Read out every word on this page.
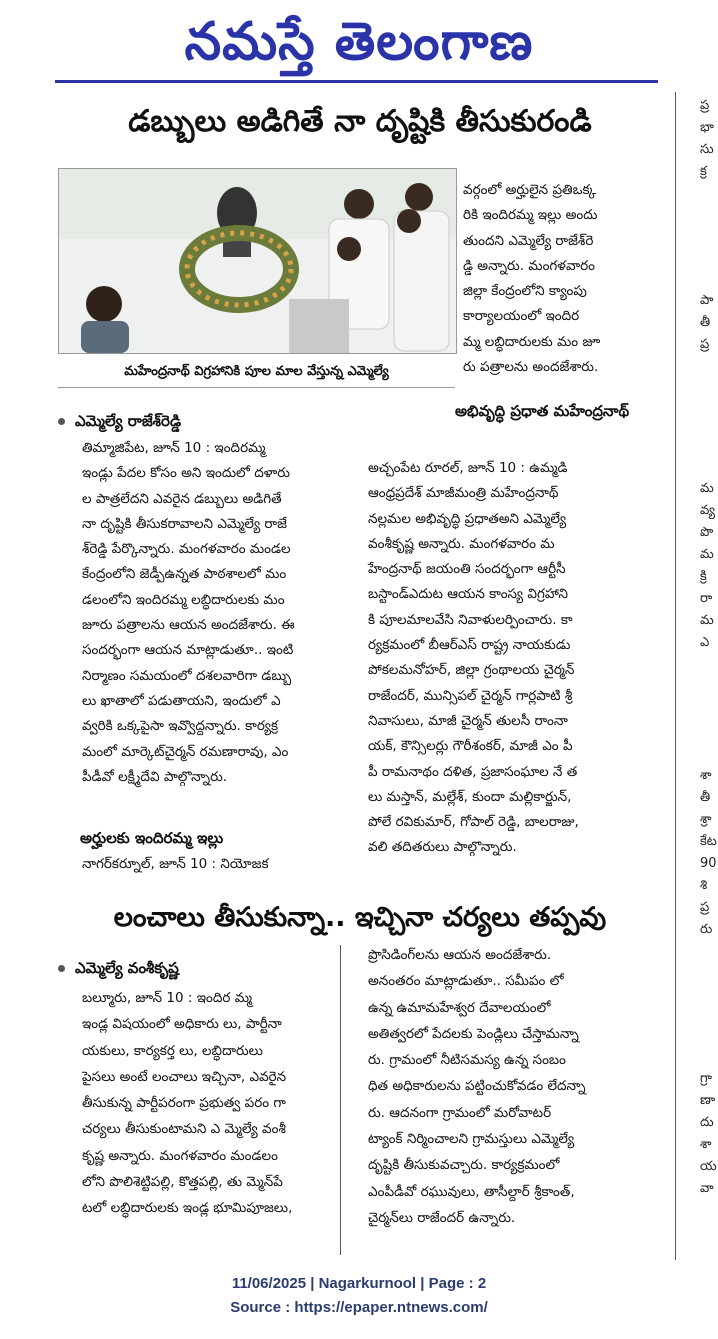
నమస్తే తెలంగాణ
డబ్బులు అడిగితే నా దృష్టికి తీసుకురండి
మహేంద్రనాథ్ విగ్రహానికి పూల మాల వేస్తున్న ఎమ్మెల్యే

వర్గంలో అర్హులైన ప్రతిఒక్క

రికి ఇందిరమ్మ ఇల్లు అందు

తుందని ఎమ్మెల్యే రాజేశ్‌రె

డ్డి అన్నారు. మంగళవారం

జిల్లా కేంద్రంలోని క్యాంపు

కార్యాలయంలో ఇందిర

మ్మ లబ్ధిదారులకు మం జూ

రు పత్రాలను అందజేశారు.

ఎమ్మెల్యే రాజేశ్‌రెడ్డి

తిమ్మాజిపేట, జూన్ 10 : ఇందిరమ్మ

ఇండ్లు పేదల కోసం అని ఇందులో దళారు

ల పాత్రలేదని ఎవరైన డబ్బులు అడిగితే

నా దృష్టికి తీసుకరావాలని ఎమ్మెల్యే రాజే

శ్‌రెడ్డి పేర్కొన్నారు. మంగళవారం మండల

కేంద్రంలోని జెడ్పీఉన్నత పాఠశాలలో మం

డలంలోని ఇందిరమ్మ లబ్ధిదారులకు మం

జూరు పత్రాలను ఆయన అందజేశారు. ఈ

సందర్భంగా ఆయన మాట్లాడుతూ.. ఇంటి

నిర్మాణం సమయంలో దశలవారిగా డబ్బు

లు ఖాతాలో పడుతాయని, ఇందులో ఎ

వ్వరికి ఒక్కపైసా ఇవ్వొద్దన్నారు. కార్యక్ర

మంలో మార్కెట్‌చైర్మన్ రమణారావు, ఎం

పీడీవో లక్ష్మీదేవి పాల్గొన్నారు.

అర్హులకు ఇందిరమ్మ ఇల్లు
నాగర్‌కర్నూల్, జూన్ 10 : నియోజక
అభివృద్ధి ప్రధాత మహేంద్రనాథ్

అచ్చంపేట రూరల్, జూన్ 10 : ఉమ్మడి

ఆంధ్రప్రదేశ్ మాజీమంత్రి మహేంద్రనాథ్

నల్లమల అభివృద్ధి ప్రధాతఅని ఎమ్మెల్యే

వంశీకృష్ణ అన్నారు. మంగళవారం మ

హేంద్రనాథ్ జయంతి సందర్భంగా ఆర్టీసీ

బస్టాండ్ఎదుట ఆయన కాంస్య విగ్రహాని

కి పూలమాలవేసి నివాళులర్పించారు. కా

ర్యక్రమంలో బీఆర్ఎస్ రాష్ట్ర నాయకుడు

పోకలమనోహర్, జిల్లా గ్రంథాలయ చైర్మన్

రాజేందర్, మున్సిపల్ చైర్మన్ గార్లపాటి శ్రీ

నివాసులు, మాజీ చైర్మన్ తులసీ రాంనా

యక్, కౌన్సిలర్లు గౌరీశంకర్, మాజీ ఎం పీ

పీ రామనాథం దళిత, ప్రజాసంఘాల నే త

లు మస్తాన్, మల్లేశ్, కుందా మల్లికార్జున్,

పోలే రవికుమార్, గోపాల్ రెడ్డి, బాలరాజు,

వలి తదితరులు పాల్గొన్నారు.

లంచాలు తీసుకున్నా.. ఇచ్చినా చర్యలు తప్పవు
ఎమ్మెల్యే వంశీకృష్ణ

బల్మూరు, జూన్ 10 : ఇందిర మ్మ

ఇండ్ల విషయంలో అధికారు లు, పార్టీనా

యకులు, కార్యకర్త లు, లబ్ధిదారులు

పైసలు అంటే లంచాలు ఇచ్చినా, ఎవరైన

తీసుకున్న పార్టీపరంగా ప్రభుత్వ పరం గా

చర్యలు తీసుకుంటామని ఎ మ్మెల్యే వంశీ

కృష్ణ అన్నారు. మంగళవారం మండలం

లోని పొలిశెట్టిపల్లి, కొత్తపల్లి, తు మ్మెన్‌పే

టలో లబ్ధిదారులకు ఇండ్ల భూమిపూజలు,

ప్రొసిడింగ్‌లను ఆయన అందజేశారు.

అనంతరం మాట్లాడుతూ.. సమీపం లో

ఉన్న ఉమామహేశ్వర దేవాలయంలో

అతిత్వరలో పేదలకు పెండ్లిలు చేస్తామన్నా

రు. గ్రామంలో నీటిసమస్య ఉన్న సంబం

ధిత అధికారులను పట్టించుకోవడం లేదన్నా

రు. ఆదనంగా గ్రామంలో మరోవాటర్

ట్యాంక్ నిర్మించాలని గ్రామస్తులు ఎమ్మెల్యే

దృష్టికి తీసుకువచ్చారు. కార్యక్రమంలో

ఎంపీడీవో రఘువులు, తాసీల్దార్ శ్రీకాంత్,

చైర్మన్‌లు రాజేందర్ ఉన్నారు.

ప్ర
భా
సు
క్ర
పా
తీ
ప్ర
మ
వ్య
పొ
మ
క్రి
రా
మ
ఎ
శా
తీ
శ్రా
కేట
90
శి
ప్ర
రు
గ్రా
ణా
దు
శా
య
వా
11/06/2025 | Nagarkurnool | Page : 2
Source : https://epaper.ntnews.com/
